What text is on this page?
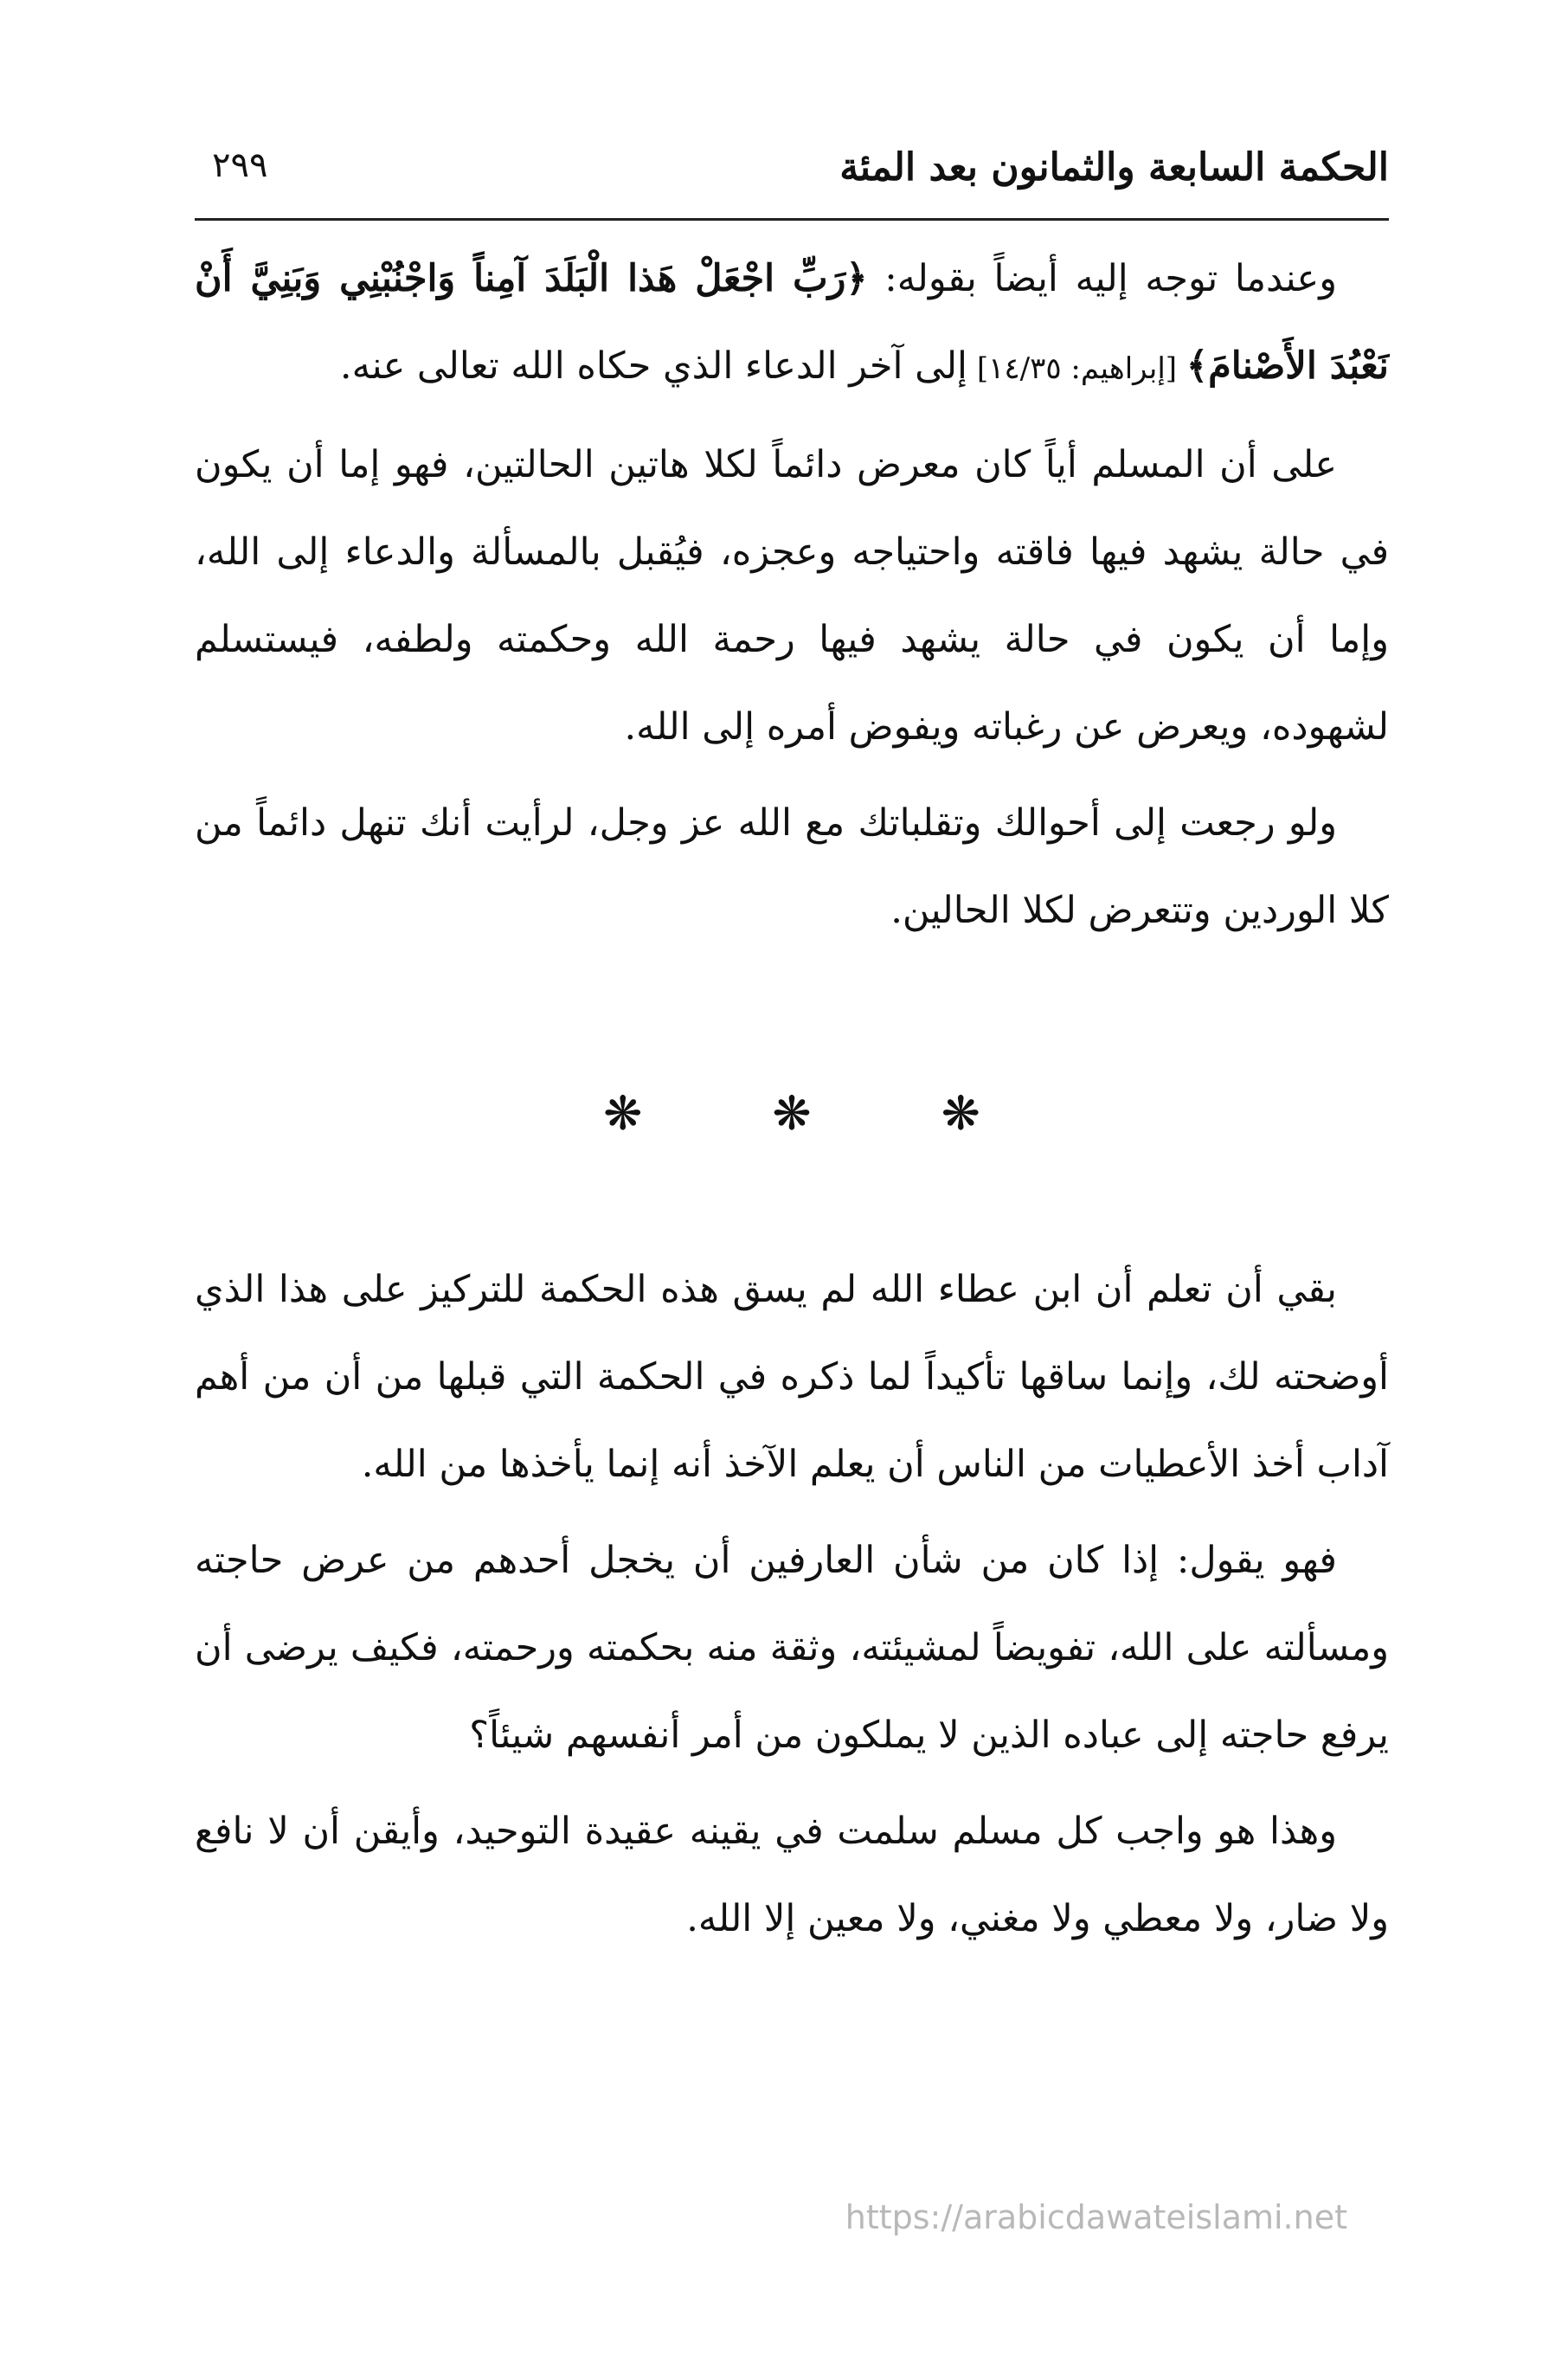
الحكمة السابعة والثمانون بعد المئة
٢٩٩

وعندما توجه إليه أيضاً بقوله: ﴿رَبِّ اجْعَلْ هَذا الْبَلَدَ آمِناً وَاجْنُبْنِي وَبَنِيَّ أَنْ نَعْبُدَ الأَصْنامَ﴾ [إبراهيم: ١٤/٣٥] إلى آخر الدعاء الذي حكاه الله تعالى عنه.

على أن المسلم أياً كان معرض دائماً لكلا هاتين الحالتين، فهو إما أن يكون في حالة يشهد فيها فاقته واحتياجه وعجزه، فيُقبل بالمسألة والدعاء إلى الله، وإما أن يكون في حالة يشهد فيها رحمة الله وحكمته ولطفه، فيستسلم لشهوده، ويعرض عن رغباته ويفوض أمره إلى الله.

ولو رجعت إلى أحوالك وتقلباتك مع الله عز وجل، لرأيت أنك تنهل دائماً من كلا الوردين وتتعرض لكلا الحالين.

❋
❋
❋

بقي أن تعلم أن ابن عطاء الله لم يسق هذه الحكمة للتركيز على هذا الذي أوضحته لك، وإنما ساقها تأكيداً لما ذكره في الحكمة التي قبلها من أن من أهم آداب أخذ الأعطيات من الناس أن يعلم الآخذ أنه إنما يأخذها من الله.

فهو يقول: إذا كان من شأن العارفين أن يخجل أحدهم من عرض حاجته ومسألته على الله، تفويضاً لمشيئته، وثقة منه بحكمته ورحمته، فكيف يرضى أن يرفع حاجته إلى عباده الذين لا يملكون من أمر أنفسهم شيئاً؟

وهذا هو واجب كل مسلم سلمت في يقينه عقيدة التوحيد، وأيقن أن لا نافع ولا ضار، ولا معطي ولا مغني، ولا معين إلا الله.

https://arabicdawateislami.net
